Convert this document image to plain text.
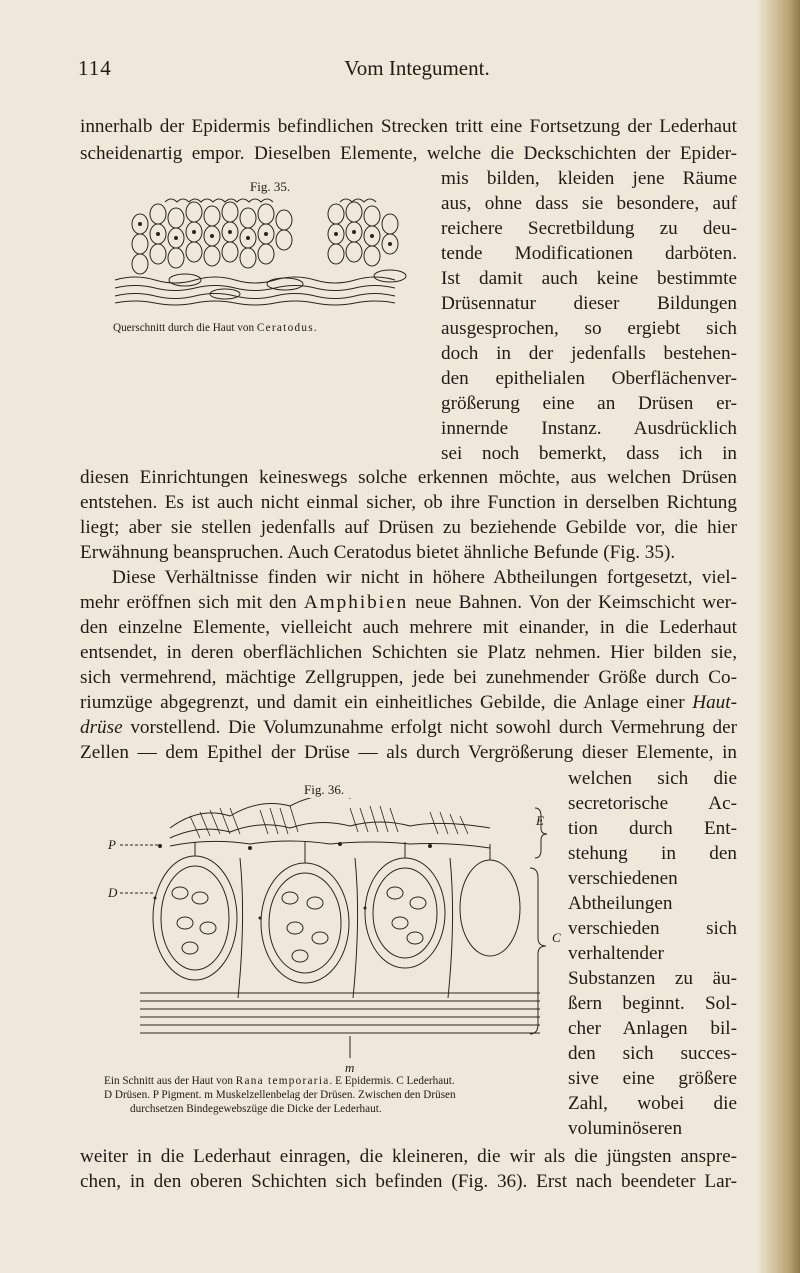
114	Vom Integument.
innerhalb der Epidermis befindlichen Strecken tritt eine Fortsetzung der Lederhaut
scheidenartig empor. Dieselben Elemente, welche die Deckschichten der Epider-
Fig. 35.
Querschnitt durch die Haut von Ceratodus.
mis bilden, kleiden jene Räume
aus, ohne dass sie besondere, auf
reichere Secretbildung zu deu-
tende Modificationen darböten.
Ist damit auch keine bestimmte
Drüsennatur dieser Bildungen
ausgesprochen, so ergiebt sich
doch in der jedenfalls bestehen-
den epithelialen Oberflächenver-
größerung eine an Drüsen er-
innernde Instanz. Ausdrücklich
sei noch bemerkt, dass ich in
diesen Einrichtungen keineswegs solche erkennen möchte, aus welchen Drüsen
entstehen. Es ist auch nicht einmal sicher, ob ihre Function in derselben Richtung
liegt; aber sie stellen jedenfalls auf Drüsen zu beziehende Gebilde vor, die hier
Erwähnung beanspruchen. Auch Ceratodus bietet ähnliche Befunde (Fig. 35).
Diese Verhältnisse finden wir nicht in höhere Abtheilungen fortgesetzt, viel-
mehr eröffnen sich mit den Amphibien neue Bahnen. Von der Keimschicht wer-
den einzelne Elemente, vielleicht auch mehrere mit einander, in die Lederhaut
entsendet, in deren oberflächlichen Schichten sie Platz nehmen. Hier bilden sie,
sich vermehrend, mächtige Zellgruppen, jede bei zunehmender Größe durch Co-
riumzüge abgegrenzt, und damit ein einheitliches Gebilde, die Anlage einer Haut-
drüse vorstellend. Die Volumzunahme erfolgt nicht sowohl durch Vermehrung der
Zellen — dem Epithel der Drüse — als durch Vergrößerung dieser Elemente, in
Fig. 36.
E
P
D
C
m
Ein Schnitt aus der Haut von Rana temporaria. E Epidermis. C Lederhaut.
D Drüsen. P Pigment. m Muskelzellenbelag der Drüsen. Zwischen den Drüsen
durchsetzen Bindegewebszüge die Dicke der Lederhaut.
welchen sich die
secretorische Ac-
tion durch Ent-
stehung in den
verschiedenen
Abtheilungen
verschieden sich
verhaltender
Substanzen zu äu-
ßern beginnt. Sol-
cher Anlagen bil-
den sich succes-
sive eine größere
Zahl, wobei die
voluminöseren
weiter in die Lederhaut einragen, die kleineren, die wir als die jüngsten anspre-
chen, in den oberen Schichten sich befinden (Fig. 36). Erst nach beendeter Lar-
